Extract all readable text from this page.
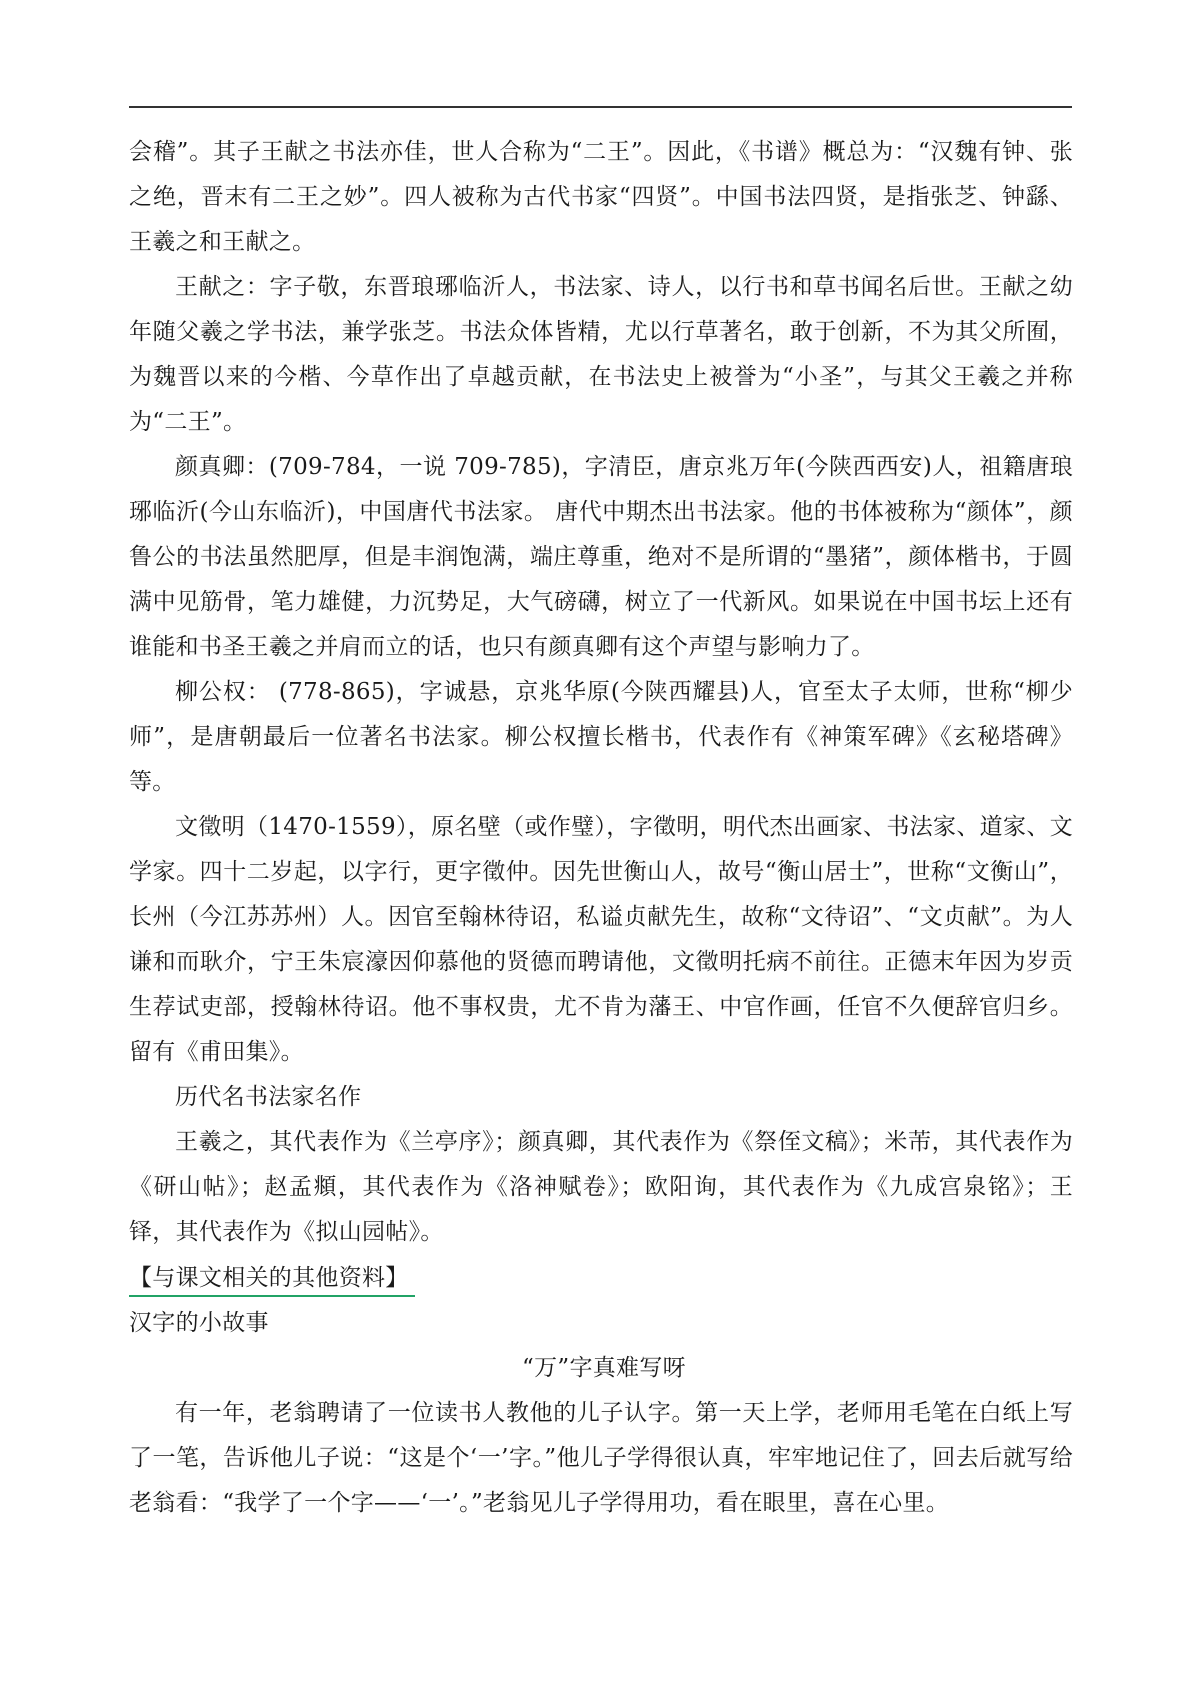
会稽”。其子王献之书法亦佳，世人合称为“二王”。因此，《书谱》概总为：“汉魏有钟、张之绝，晋末有二王之妙”。四人被称为古代书家“四贤”。中国书法四贤，是指张芝、钟繇、王羲之和王献之。

王献之：字子敬，东晋琅琊临沂人，书法家、诗人，以行书和草书闻名后世。王献之幼年随父羲之学书法，兼学张芝。书法众体皆精，尤以行草著名，敢于创新，不为其父所囿，为魏晋以来的今楷、今草作出了卓越贡献，在书法史上被誉为“小圣”，与其父王羲之并称为“二王”。

颜真卿：(709-784，一说 709-785)，字清臣，唐京兆万年(今陕西西安)人，祖籍唐琅琊临沂(今山东临沂)，中国唐代书法家。 唐代中期杰出书法家。他的书体被称为“颜体”，颜鲁公的书法虽然肥厚，但是丰润饱满，端庄尊重，绝对不是所谓的“墨猪”，颜体楷书，于圆满中见筋骨，笔力雄健，力沉势足，大气磅礴，树立了一代新风。如果说在中国书坛上还有谁能和书圣王羲之并肩而立的话，也只有颜真卿有这个声望与影响力了。

柳公权： (778-865)，字诚悬，京兆华原(今陕西耀县)人，官至太子太师，世称“柳少师”，是唐朝最后一位著名书法家。柳公权擅长楷书，代表作有《神策军碑》《玄秘塔碑》等。

文徵明（1470-1559），原名壁（或作璧），字徵明，明代杰出画家、书法家、道家、文学家。四十二岁起，以字行，更字徵仲。因先世衡山人，故号“衡山居士”，世称“文衡山”，长州（今江苏苏州）人。因官至翰林待诏，私谥贞献先生，故称“文待诏”、“文贞献”。为人谦和而耿介，宁王朱宸濠因仰慕他的贤德而聘请他，文徵明托病不前往。正德末年因为岁贡生荐试吏部，授翰林待诏。他不事权贵，尤不肯为藩王、中官作画，任官不久便辞官归乡。留有《甫田集》。

历代名书法家名作

王羲之，其代表作为《兰亭序》；颜真卿，其代表作为《祭侄文稿》；米芾，其代表作为《研山帖》；赵孟頫，其代表作为《洛神赋卷》；欧阳询，其代表作为《九成宫泉铭》；王铎，其代表作为《拟山园帖》。

【与课文相关的其他资料】

汉字的小故事

“万”字真难写呀

有一年，老翁聘请了一位读书人教他的儿子认字。第一天上学，老师用毛笔在白纸上写了一笔，告诉他儿子说：“这是个‘一’字。”他儿子学得很认真，牢牢地记住了，回去后就写给老翁看：“我学了一个字——‘一’。”老翁见儿子学得用功，看在眼里，喜在心里。
